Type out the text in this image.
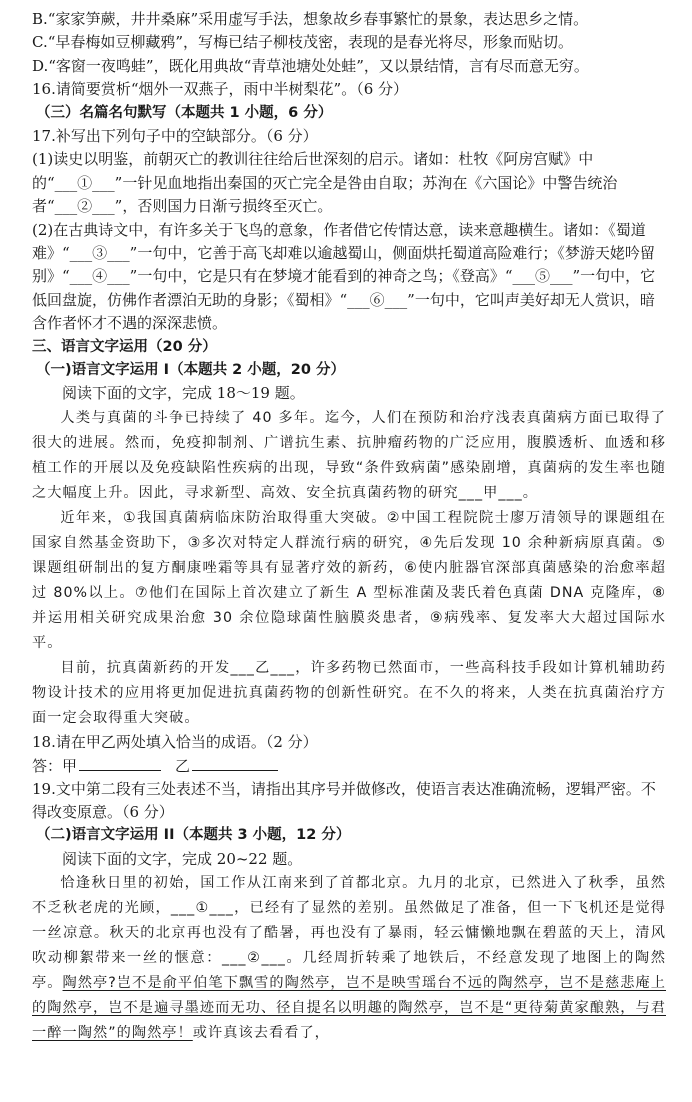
B.“家家笋蕨，井井桑麻”采用虚写手法，想象故乡春事繁忙的景象，表达思乡之情。
C.“早春梅如豆柳藏鸦”，写梅已结子柳枝茂密，表现的是春光将尽，形象而贴切。
D.“客窗一夜鸣蛙”，既化用典故“青草池塘处处蛙”，又以景结情，言有尽而意无穷。
16.请简要赏析“烟外一双燕子，雨中半树梨花”。（6 分）
（三）名篇名句默写（本题共 1 小题，6 分）
17.补写出下列句子中的空缺部分。（6 分）

(1)读史以明鉴，前朝灭亡的教训往往给后世深刻的启示。诸如：杜牧《阿房宫赋》中的“___①___”一针见血地指出秦国的灭亡完全是咎由自取；苏洵在《六国论》中警告统治者“___②___”，否则国力日渐亏损终至灭亡。

(2)在古典诗文中，有许多关于飞鸟的意象，作者借它传情达意，读来意趣横生。诸如：《蜀道难》“___③___”一句中，它善于高飞却难以逾越蜀山，侧面烘托蜀道高险难行；《梦游天姥吟留别》“___④___”一句中，它是只有在梦境才能看到的神奇之鸟；《登高》“___⑤___”一句中，它低回盘旋，仿佛作者漂泊无助的身影；《蜀相》“___⑥___”一句中，它叫声美好却无人赏识，暗含作者怀才不遇的深深悲愤。

三、语言文字运用（20 分）
（一)语言文字运用 I（本题共 2 小题，20 分）
阅读下面的文字，完成 18～19 题。

人类与真菌的斗争已持续了 40 多年。迄今，人们在预防和治疗浅表真菌病方面已取得了很大的进展。然而，免疫抑制剂、广谱抗生素、抗肿瘤药物的广泛应用，腹膜透析、血透和移植工作的开展以及免疫缺陷性疾病的出现，导致“条件致病菌”感染剧增，真菌病的发生率也随之大幅度上升。因此，寻求新型、高效、安全抗真菌药物的研究___甲___。

近年来，①我国真菌病临床防治取得重大突破。②中国工程院院士廖万清领导的课题组在国家自然基金资助下，③多次对特定人群流行病的研究，④先后发现 10 余种新病原真菌。⑤课题组研制出的复方酮康唑霜等具有显著疗效的新药，⑥使内脏器官深部真菌感染的治愈率超过 80%以上。⑦他们在国际上首次建立了新生 A 型标准菌及裴氏着色真菌 DNA 克隆库，⑧并运用相关研究成果治愈 30 余位隐球菌性脑膜炎患者，⑨病残率、复发率大大超过国际水平。

目前，抗真菌新药的开发___乙___，许多药物已然面市，一些高科技手段如计算机辅助药物设计技术的应用将更加促进抗真菌药物的创新性研究。在不久的将来，人类在抗真菌治疗方面一定会取得重大突破。

18.请在甲乙两处填入恰当的成语。（2 分）
答：甲	乙

19.文中第二段有三处表述不当，请指出其序号并做修改，使语言表达准确流畅，逻辑严密。不得改变原意。（6 分）

（二)语言文字运用 II（本题共 3 小题，12 分）
阅读下面的文字，完成 20~22 题。

恰逢秋日里的初始，国工作从江南来到了首都北京。九月的北京，已然进入了秋季，虽然不乏秋老虎的光顾，___①___，已经有了显然的差别。虽然做足了准备，但一下飞机还是觉得一丝凉意。秋天的北京再也没有了酷暑，再也没有了暴雨，轻云慵懒地飘在碧蓝的天上，清风吹动柳絮带来一丝的惬意：___②___。几经周折转乘了地铁后，不经意发现了地图上的陶然亭。陶然亭?岂不是俞平伯笔下飘雪的陶然亭，岂不是映雪瑶台不远的陶然亭，岂不是慈悲庵上的陶然亭，岂不是遍寻墨迹而无功、径自提名以明趣的陶然亭，岂不是“更待菊黄家酿熟，与君一醉一陶然”的陶然亭！或许真该去看看了，
